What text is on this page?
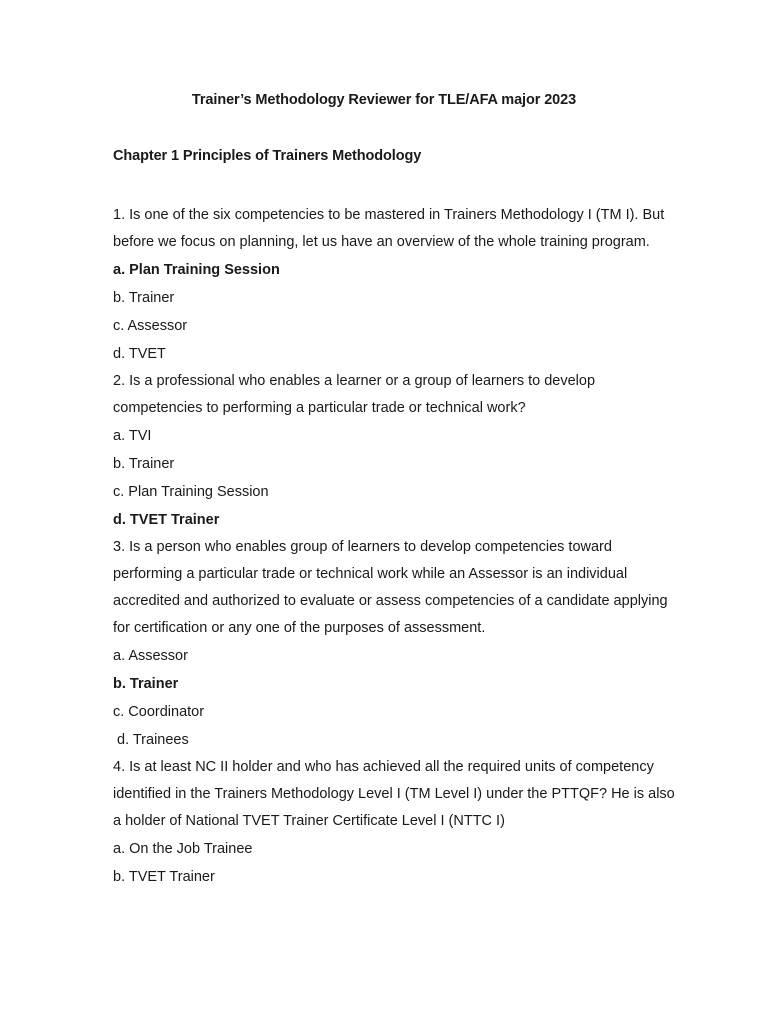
Trainer’s Methodology Reviewer for TLE/AFA major 2023
Chapter 1 Principles of Trainers Methodology

1. Is one of the six competencies to be mastered in Trainers Methodology I (TM I). But before we focus on planning, let us have an overview of the whole training program.

a. Plan Training Session

b. Trainer

c. Assessor

d. TVET

2. Is a professional who enables a learner or a group of learners to develop competencies to performing a particular trade or technical work?

a. TVI

b. Trainer

c. Plan Training Session

d. TVET Trainer

3. Is a person who enables group of learners to develop competencies toward performing a particular trade or technical work while an Assessor is an individual accredited and authorized to evaluate or assess competencies of a candidate applying for certification or any one of the purposes of assessment.

a. Assessor

b. Trainer

c. Coordinator

d. Trainees

4. Is at least NC II holder and who has achieved all the required units of competency identified in the Trainers Methodology Level I (TM Level I) under the PTTQF? He is also a holder of National TVET Trainer Certificate Level I (NTTC I)

a. On the Job Trainee

b. TVET Trainer
